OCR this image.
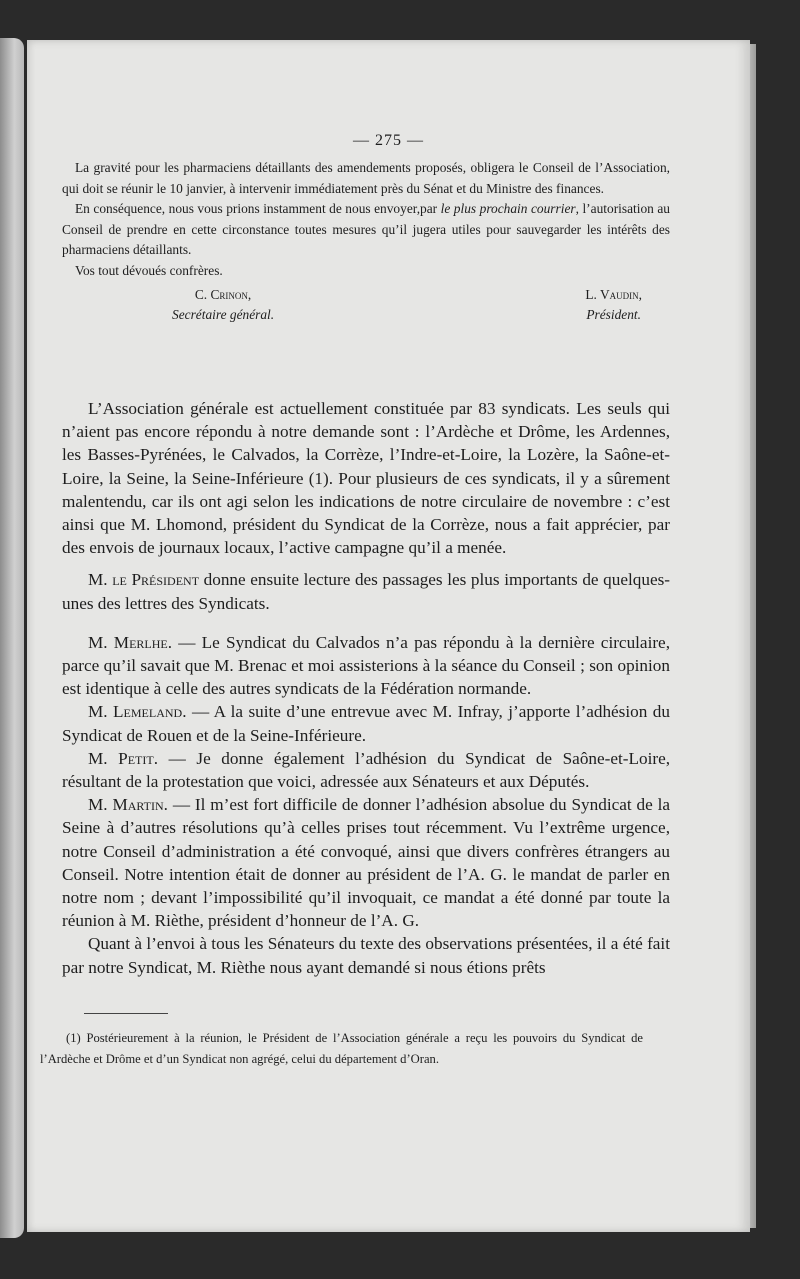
— 275 —

La gravité pour les pharmaciens détaillants des amendements proposés, obligera le Conseil de l’Association, qui doit se réunir le 10 janvier, à intervenir immédiatement près du Sénat et du Ministre des finances.

En conséquence, nous vous prions instamment de nous envoyer,par le plus prochain courrier, l’autorisation au Conseil de prendre en cette circonstance toutes mesures qu’il jugera utiles pour sauvegarder les intérêts des pharmaciens détaillants.

Vos tout dévoués confrères.

C. Crinon,
Secrétaire général.
L. Vaudin,
Président.

L’Association générale est actuellement constituée par 83 syndicats. Les seuls qui n’aient pas encore répondu à notre demande sont : l’Ardèche et Drôme, les Ardennes, les Basses-Pyrénées, le Calvados, la Corrèze, l’Indre-et-Loire, la Lozère, la Saône-et-Loire, la Seine, la Seine-Inférieure (1). Pour plusieurs de ces syndicats, il y a sûrement malentendu, car ils ont agi selon les indications de notre circulaire de novembre : c’est ainsi que M. Lhomond, président du Syndicat de la Corrèze, nous a fait apprécier, par des envois de journaux locaux, l’active campagne qu’il a menée.

M. le Président donne ensuite lecture des passages les plus importants de quelques-unes des lettres des Syndicats.

M. Merlhe. — Le Syndicat du Calvados n’a pas répondu à la dernière circulaire, parce qu’il savait que M. Brenac et moi assisterions à la séance du Conseil ; son opinion est identique à celle des autres syndicats de la Fédération normande.

M. Lemeland. — A la suite d’une entrevue avec M. Infray, j’apporte l’adhésion du Syndicat de Rouen et de la Seine-Inférieure.

M. Petit. — Je donne également l’adhésion du Syndicat de Saône-et-Loire, résultant de la protestation que voici, adressée aux Sénateurs et aux Députés.

M. Martin. — Il m’est fort difficile de donner l’adhésion absolue du Syndicat de la Seine à d’autres résolutions qu’à celles prises tout récemment. Vu l’extrême urgence, notre Conseil d’administration a été convoqué, ainsi que divers confrères étrangers au Conseil. Notre intention était de donner au président de l’A. G. le mandat de parler en notre nom ; devant l’impossibilité qu’il invoquait, ce mandat a été donné par toute la réunion à M. Rièthe, président d’honneur de l’A. G.

Quant à l’envoi à tous les Sénateurs du texte des observations présentées, il a été fait par notre Syndicat, M. Rièthe nous ayant demandé si nous étions prêts

(1) Postérieurement à la réunion, le Président de l’Association générale a reçu les pouvoirs du Syndicat de l’Ardèche et Drôme et d’un Syndicat non agrégé, celui du département d’Oran.
